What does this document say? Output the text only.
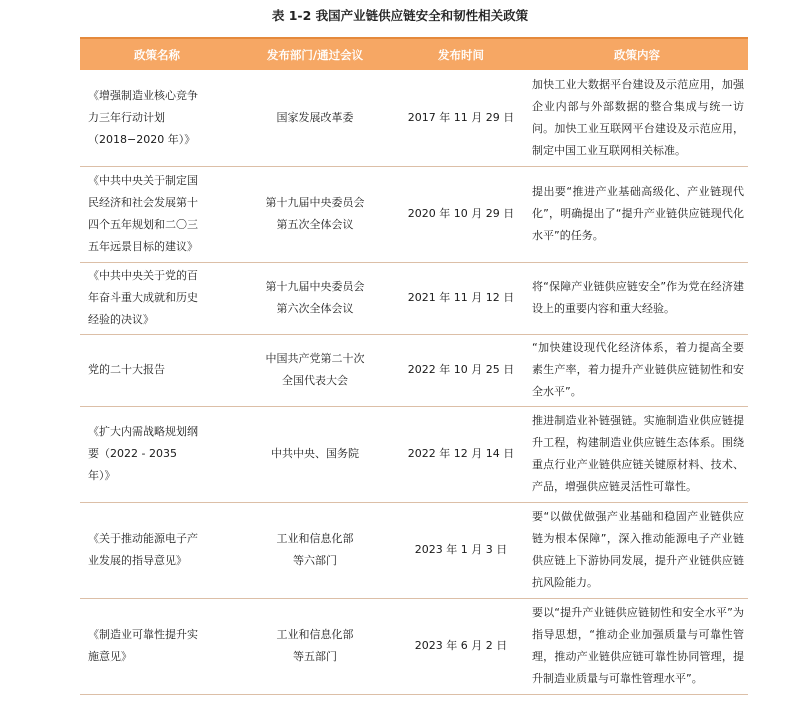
表 1-2 我国产业链供应链安全和韧性相关政策
政策名称	发布部门/通过会议	发布时间	政策内容

《增强制造业核心竞争
力三年行动计划
（2018−2020 年）》	国家发展改革委	2017 年 11 月 29 日	加快工业大数据平台建设及示范应用，加强企业内部与外部数据的整合集成与统一访问。加快工业互联网平台建设及示范应用，制定中国工业互联网相关标准。

《中共中央关于制定国
民经济和社会发展第十
四个五年规划和二〇三
五年远景目标的建议》	第十九届中央委员会
第五次全体会议	2020 年 10 月 29 日	提出要“推进产业基础高级化、产业链现代化”，明确提出了“提升产业链供应链现代化水平”的任务。

《中共中央关于党的百
年奋斗重大成就和历史
经验的决议》	第十九届中央委员会
第六次全体会议	2021 年 11 月 12 日	将“保障产业链供应链安全”作为党在经济建设上的重要内容和重大经验。

党的二十大报告	中国共产党第二十次
全国代表大会	2022 年 10 月 25 日	“加快建设现代化经济体系，着力提高全要素生产率，着力提升产业链供应链韧性和安全水平”。

《扩大内需战略规划纲
要（2022 - 2035
年）》	中共中央、国务院	2022 年 12 月 14 日	推进制造业补链强链。实施制造业供应链提升工程，构建制造业供应链生态体系。围绕重点行业产业链供应链关键原材料、技术、产品，增强供应链灵活性可靠性。

《关于推动能源电子产
业发展的指导意见》	工业和信息化部
等六部门	2023 年 1 月 3 日	要“以做优做强产业基础和稳固产业链供应链为根本保障”，深入推动能源电子产业链供应链上下游协同发展，提升产业链供应链抗风险能力。

《制造业可靠性提升实
施意见》	工业和信息化部
等五部门	2023 年 6 月 2 日	要以“提升产业链供应链韧性和安全水平”为指导思想，“推动企业加强质量与可靠性管理，推动产业链供应链可靠性协同管理，提升制造业质量与可靠性管理水平”。
